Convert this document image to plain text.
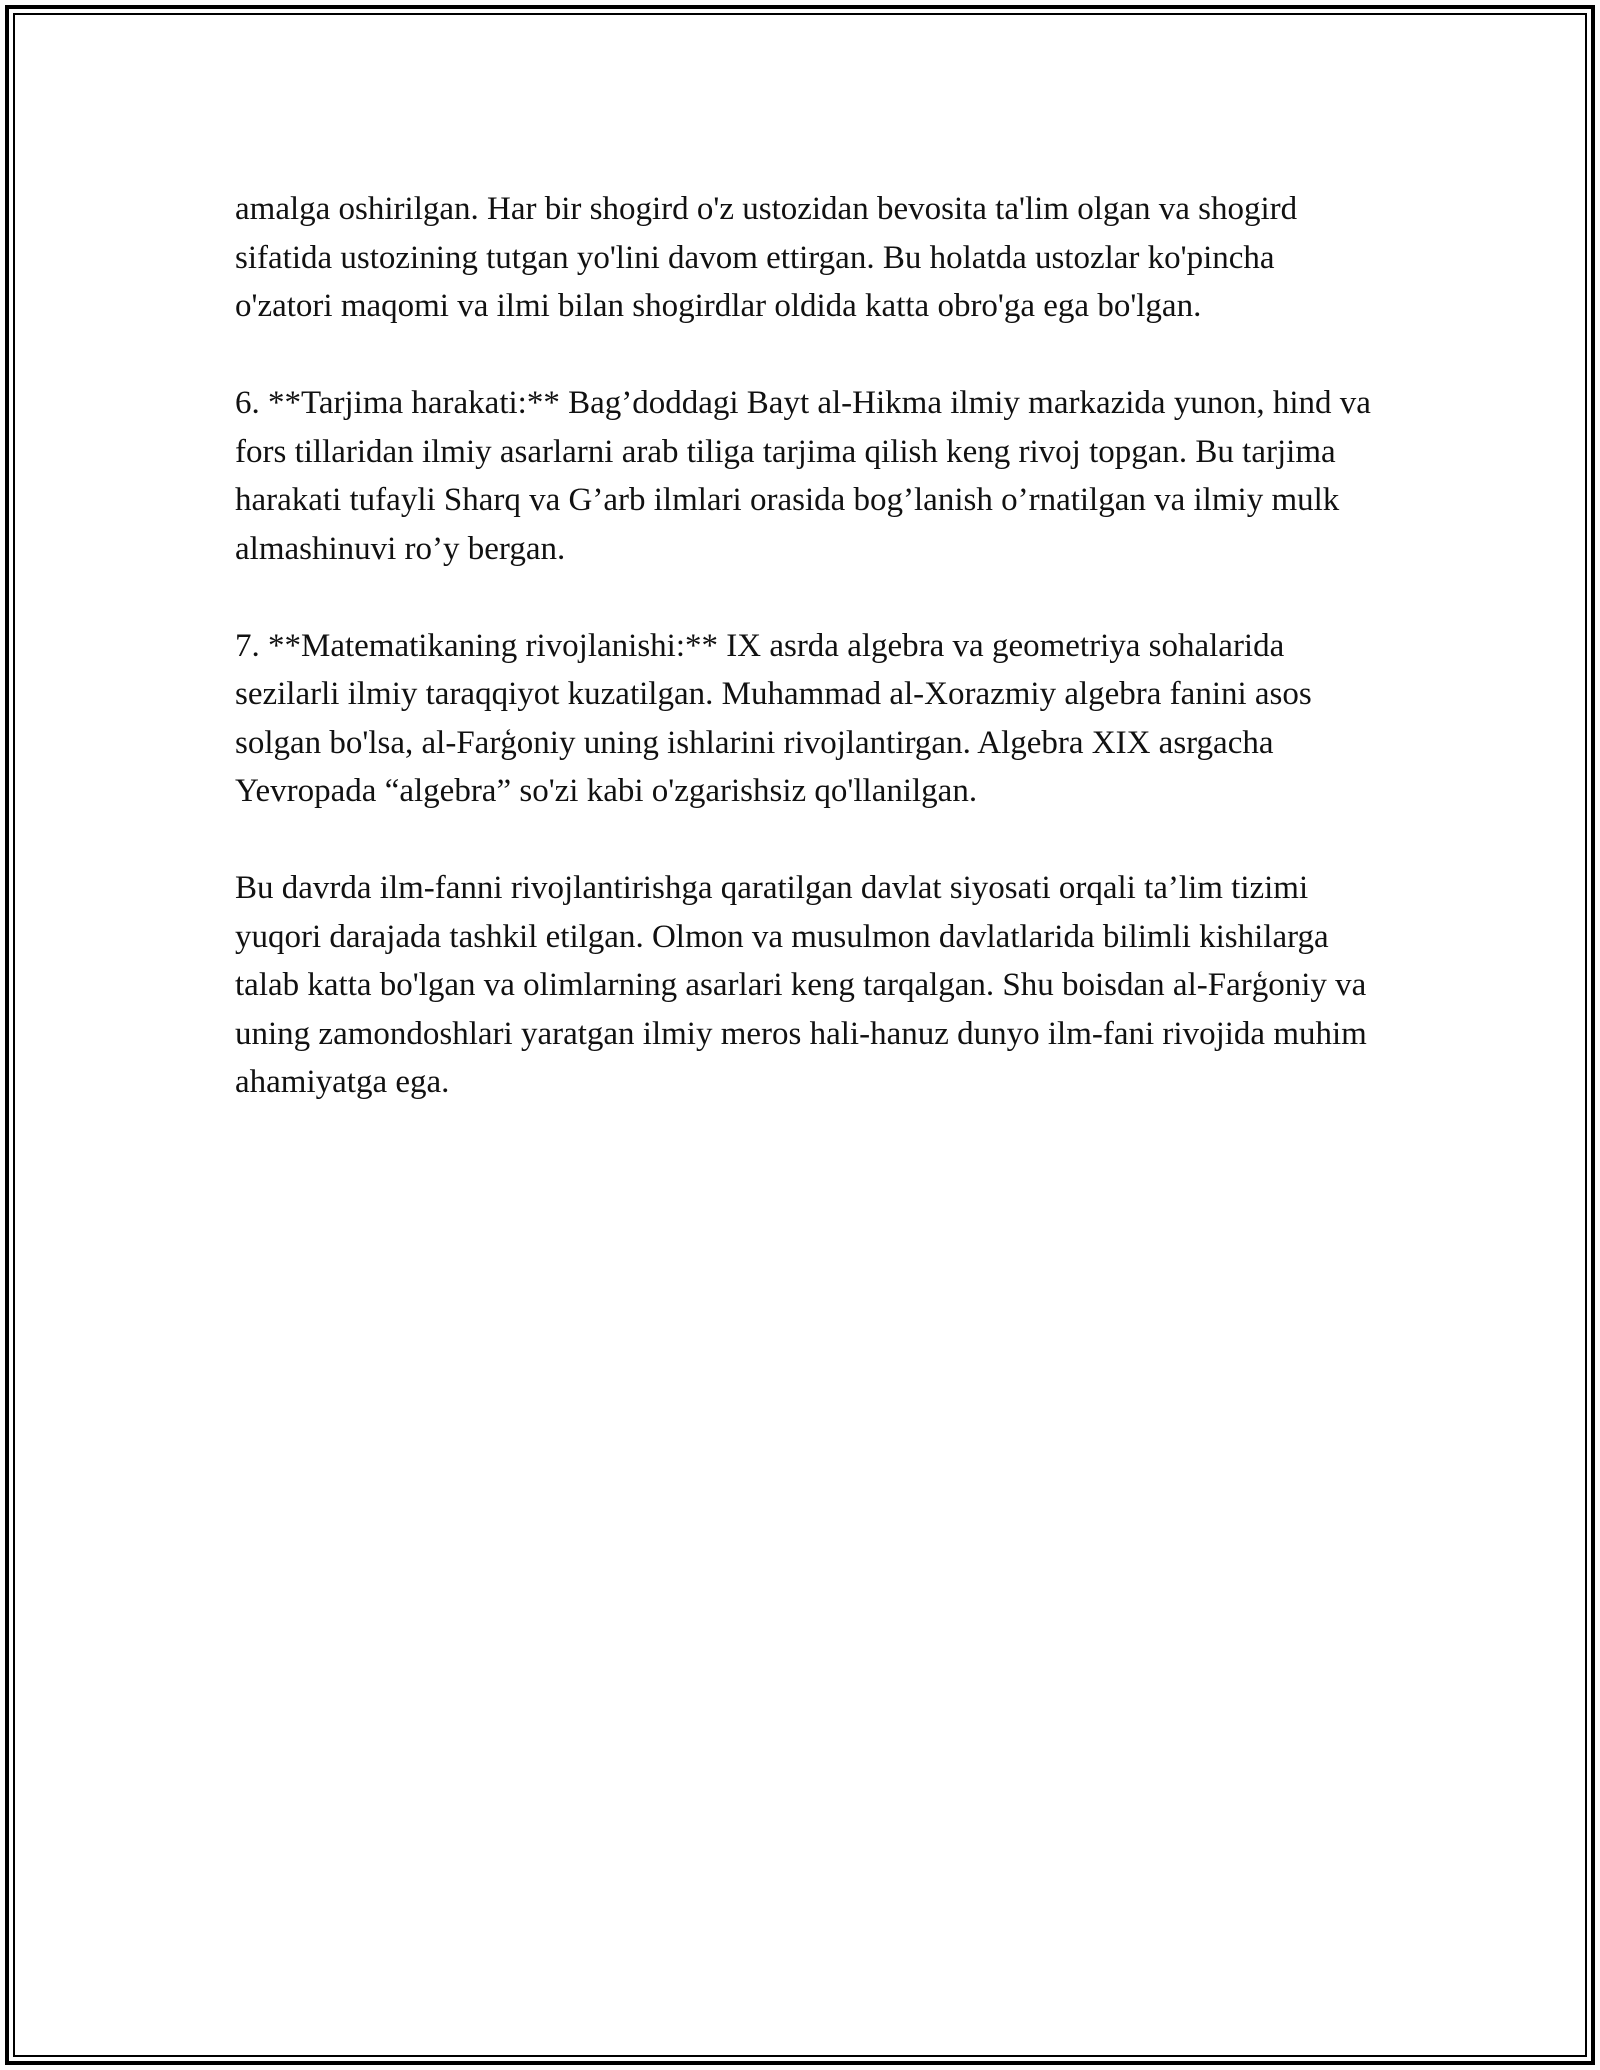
amalga oshirilgan. Har bir shogird o'z ustozidan bevosita ta'lim olgan va shogird sifatida ustozining tutgan yo'lini davom ettirgan. Bu holatda ustozlar ko'pincha o'zatori maqomi va ilmi bilan shogirdlar oldida katta obro'ga ega bo'lgan.

6. **Tarjima harakati:** Bag’doddagi Bayt al-Hikma ilmiy markazida yunon, hind va fors tillaridan ilmiy asarlarni arab tiliga tarjima qilish keng rivoj topgan. Bu tarjima harakati tufayli Sharq va G’arb ilmlari orasida bog’lanish o’rnatilgan va ilmiy mulk almashinuvi ro’y bergan.

7. **Matematikaning rivojlanishi:** IX asrda algebra va geometriya sohalarida sezilarli ilmiy taraqqiyot kuzatilgan. Muhammad al-Xorazmiy algebra fanini asos solgan bo'lsa, al-Farģoniy uning ishlarini rivojlantirgan. Algebra XIX asrgacha Yevropada “algebra” so'zi kabi o'zgarishsiz qo'llanilgan.

Bu davrda ilm-fanni rivojlantirishga qaratilgan davlat siyosati orqali ta’lim tizimi yuqori darajada tashkil etilgan. Olmon va musulmon davlatlarida bilimli kishilarga talab katta bo'lgan va olimlarning asarlari keng tarqalgan. Shu boisdan al-Farģoniy va uning zamondoshlari yaratgan ilmiy meros hali-hanuz dunyo ilm-fani rivojida muhim ahamiyatga ega.
